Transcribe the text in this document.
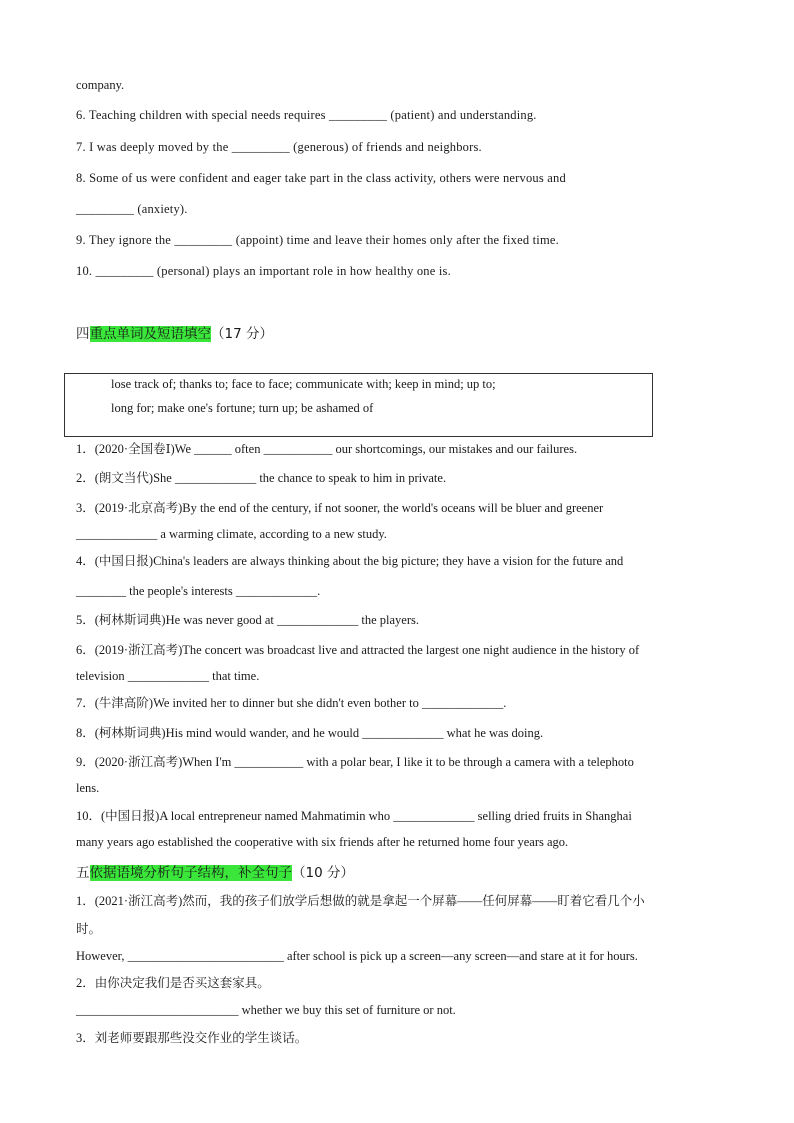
company.
6. Teaching children with special needs requires _________ (patient) and understanding.
7. I was deeply moved by the _________ (generous) of friends and neighbors.
8. Some of us were confident and eager take part in the class activity, others were nervous and
_________ (anxiety).
9. They ignore the _________ (appoint) time and leave their homes only after the fixed time.
10. _________ (personal) plays an important role in how healthy one is.
四重点单词及短语填空（17 分）
lose track of; thanks to; face to face; communicate with; keep in mind; up to;
long for; make one's fortune; turn up; be ashamed of
1．(2020·全国卷Ⅰ)We ______ often ___________ our shortcomings, our mistakes and our failures.
2．(朗文当代)She _____________ the chance to speak to him in private.
3．(2019·北京高考)By the end of the century, if not sooner, the world's oceans will be bluer and greener
_____________ a warming climate, according to a new study.
4．(中国日报)China's leaders are always thinking about the big picture; they have a vision for the future and
________ the people's interests _____________.
5．(柯林斯词典)He was never good at _____________ the players.
6．(2019·浙江高考)The concert was broadcast live and attracted the largest one night audience in the history of
television _____________ that time.
7．(牛津高阶)We invited her to dinner but she didn't even bother to _____________.
8．(柯林斯词典)His mind would wander, and he would _____________ what he was doing.
9．(2020·浙江高考)When I'm ___________ with a polar bear, I like it to be through a camera with a telephoto
lens.
10．(中国日报)A local entrepreneur named Mahmatimin who _____________ selling dried fruits in Shanghai
many years ago established the cooperative with six friends after he returned home four years ago.
五依据语境分析句子结构，补全句子（10 分）
1．(2021·浙江高考)然而，我的孩子们放学后想做的就是拿起一个屏幕——任何屏幕——盯着它看几个小
时。
However, _________________________ after school is pick up a screen—any screen—and stare at it for hours.
2．由你决定我们是否买这套家具。
__________________________ whether we buy this set of furniture or not.
3．刘老师要跟那些没交作业的学生谈话。
